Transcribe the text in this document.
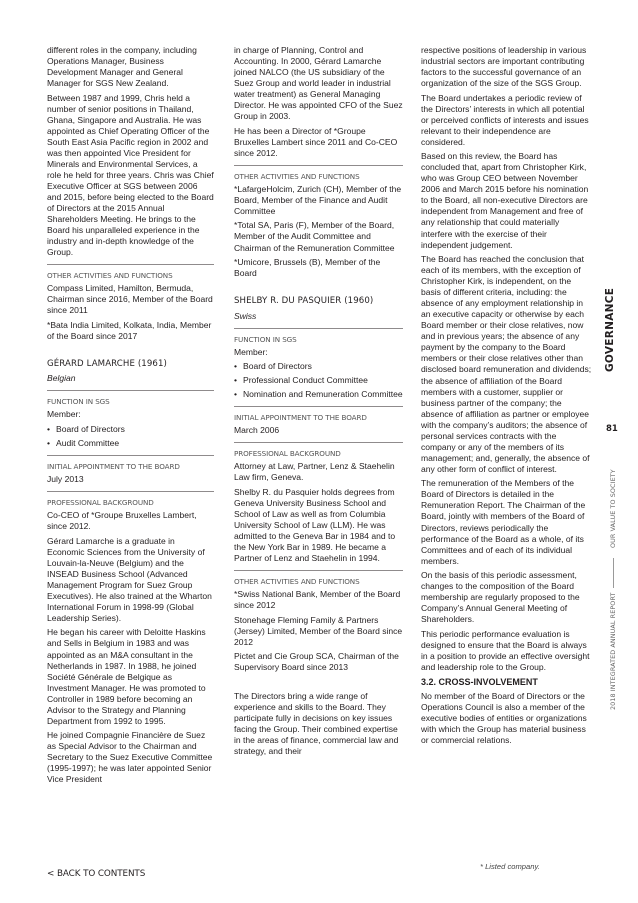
different roles in the company, including Operations Manager, Business Development Manager and General Manager for SGS New Zealand.

Between 1987 and 1999, Chris held a number of senior positions in Thailand, Ghana, Singapore and Australia. He was appointed as Chief Operating Officer of the South East Asia Pacific region in 2002 and was then appointed Vice President for Minerals and Environmental Services, a role he held for three years. Chris was Chief Executive Officer at SGS between 2006 and 2015, before being elected to the Board of Directors at the 2015 Annual Shareholders Meeting. He brings to the Board his unparalleled experience in the industry and in-depth knowledge of the Group.

OTHER ACTIVITIES AND FUNCTIONS

Compass Limited, Hamilton, Bermuda, Chairman since 2016, Member of the Board since 2011

*Bata India Limited, Kolkata, India, Member of the Board since 2017

GÉRARD LAMARCHE (1961)
Belgian
FUNCTION IN SGS

Member:

• Board of Directors
• Audit Committee
INITIAL APPOINTMENT TO THE BOARD

July 2013

PROFESSIONAL BACKGROUND

Co-CEO of *Groupe Bruxelles Lambert, since 2012.

Gérard Lamarche is a graduate in Economic Sciences from the University of Louvain-la-Neuve (Belgium) and the INSEAD Business School (Advanced Management Program for Suez Group Executives). He also trained at the Wharton International Forum in 1998-99 (Global Leadership Series).

He began his career with Deloitte Haskins and Sells in Belgium in 1983 and was appointed as an M&A consultant in the Netherlands in 1987. In 1988, he joined Société Générale de Belgique as Investment Manager. He was promoted to Controller in 1989 before becoming an Advisor to the Strategy and Planning Department from 1992 to 1995.

He joined Compagnie Financière de Suez as Special Advisor to the Chairman and Secretary to the Suez Executive Committee (1995-1997); he was later appointed Senior Vice President

in charge of Planning, Control and Accounting. In 2000, Gérard Lamarche joined NALCO (the US subsidiary of the Suez Group and world leader in industrial water treatment) as General Managing Director. He was appointed CFO of the Suez Group in 2003.

He has been a Director of *Groupe Bruxelles Lambert since 2011 and Co-CEO since 2012.

OTHER ACTIVITIES AND FUNCTIONS

*LafargeHolcim, Zurich (CH), Member of the Board, Member of the Finance and Audit Committee

*Total SA, Paris (F), Member of the Board, Member of the Audit Committee and Chairman of the Remuneration Committee

*Umicore, Brussels (B), Member of the Board

SHELBY R. DU PASQUIER (1960)
Swiss
FUNCTION IN SGS

Member:

• Board of Directors
• Professional Conduct Committee
• Nomination and Remuneration Committee
INITIAL APPOINTMENT TO THE BOARD

March 2006

PROFESSIONAL BACKGROUND

Attorney at Law, Partner, Lenz & Staehelin Law firm, Geneva.

Shelby R. du Pasquier holds degrees from Geneva University Business School and School of Law as well as from Columbia University School of Law (LLM). He was admitted to the Geneva Bar in 1984 and to the New York Bar in 1989. He became a Partner of Lenz and Staehelin in 1994.

OTHER ACTIVITIES AND FUNCTIONS

*Swiss National Bank, Member of the Board since 2012

Stonehage Fleming Family & Partners (Jersey) Limited, Member of the Board since 2012

Pictet and Cie Group SCA, Chairman of the Supervisory Board since 2013

The Directors bring a wide range of experience and skills to the Board. They participate fully in decisions on key issues facing the Group. Their combined expertise in the areas of finance, commercial law and strategy, and their

respective positions of leadership in various industrial sectors are important contributing factors to the successful governance of an organization of the size of the SGS Group.

The Board undertakes a periodic review of the Directors’ interests in which all potential or perceived conflicts of interests and issues relevant to their independence are considered.

Based on this review, the Board has concluded that, apart from Christopher Kirk, who was Group CEO between November 2006 and March 2015 before his nomination to the Board, all non-executive Directors are independent from Management and free of any relationship that could materially interfere with the exercise of their independent judgement.

The Board has reached the conclusion that each of its members, with the exception of Christopher Kirk, is independent, on the basis of different criteria, including: the absence of any employment relationship in an executive capacity or otherwise by each Board member or their close relatives, now and in previous years; the absence of any payment by the company to the Board members or their close relatives other than disclosed board remuneration and dividends; the absence of affiliation of the Board members with a customer, supplier or business partner of the company; the absence of affiliation as partner or employee with the company’s auditors; the absence of personal services contracts with the company or any of the members of its management; and, generally, the absence of any other form of conflict of interest.

The remuneration of the Members of the Board of Directors is detailed in the Remuneration Report. The Chairman of the Board, jointly with members of the Board of Directors, reviews periodically the performance of the Board as a whole, of its Committees and of each of its individual members.

On the basis of this periodic assessment, changes to the composition of the Board membership are regularly proposed to the Company’s Annual General Meeting of Shareholders.

This periodic performance evaluation is designed to ensure that the Board is always in a position to provide an effective oversight and leadership role to the Group.

3.2. CROSS-INVOLVEMENT

No member of the Board of Directors or the Operations Council is also a member of the executive bodies of entities or organizations with which the Group has material business or commercial relations.

GOVERNANCE
81
OUR VALUE TO SOCIETY
2018 INTEGRATED ANNUAL REPORT
< BACK TO CONTENTS
* Listed company.
